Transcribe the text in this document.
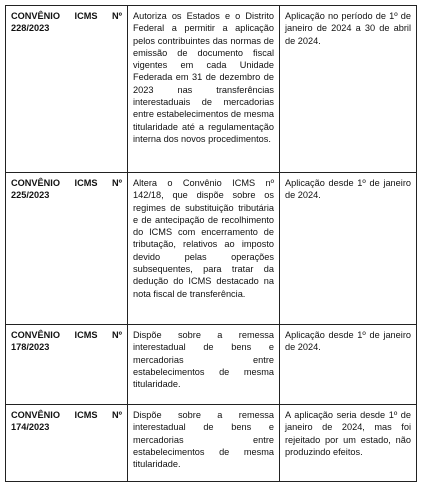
CONVÊNIO ICMS Nº
228/2023	Autoriza os Estados e o Distrito Federal a permitir a aplicação pelos contribuintes das normas de emissão de documento fiscal vigentes em cada Unidade Federada em 31 de dezembro de 2023 nas transferências interestaduais de mercadorias entre estabelecimentos de mesma titularidade até a regulamentação interna dos novos procedimentos.	Aplicação no período de 1º de janeiro de 2024 a 30 de abril de 2024.

CONVÊNIO ICMS Nº
225/2023	Altera o Convênio ICMS nº 142/18, que dispõe sobre os regimes de substituição tributária e de antecipação de recolhimento do ICMS com encerramento de tributação, relativos ao imposto devido pelas operações subsequentes, para tratar da dedução do ICMS destacado na nota fiscal de transferência.	Aplicação desde 1º de janeiro de 2024.

CONVÊNIO ICMS Nº
178/2023	Dispõe sobre a remessa interestadual de bens e mercadorias entre estabelecimentos de mesma titularidade.	Aplicação desde 1º de janeiro de 2024.

CONVÊNIO ICMS Nº
174/2023	Dispõe sobre a remessa interestadual de bens e mercadorias entre estabelecimentos de mesma titularidade.	A aplicação seria desde 1º de janeiro de 2024, mas foi rejeitado por um estado, não produzindo efeitos.
